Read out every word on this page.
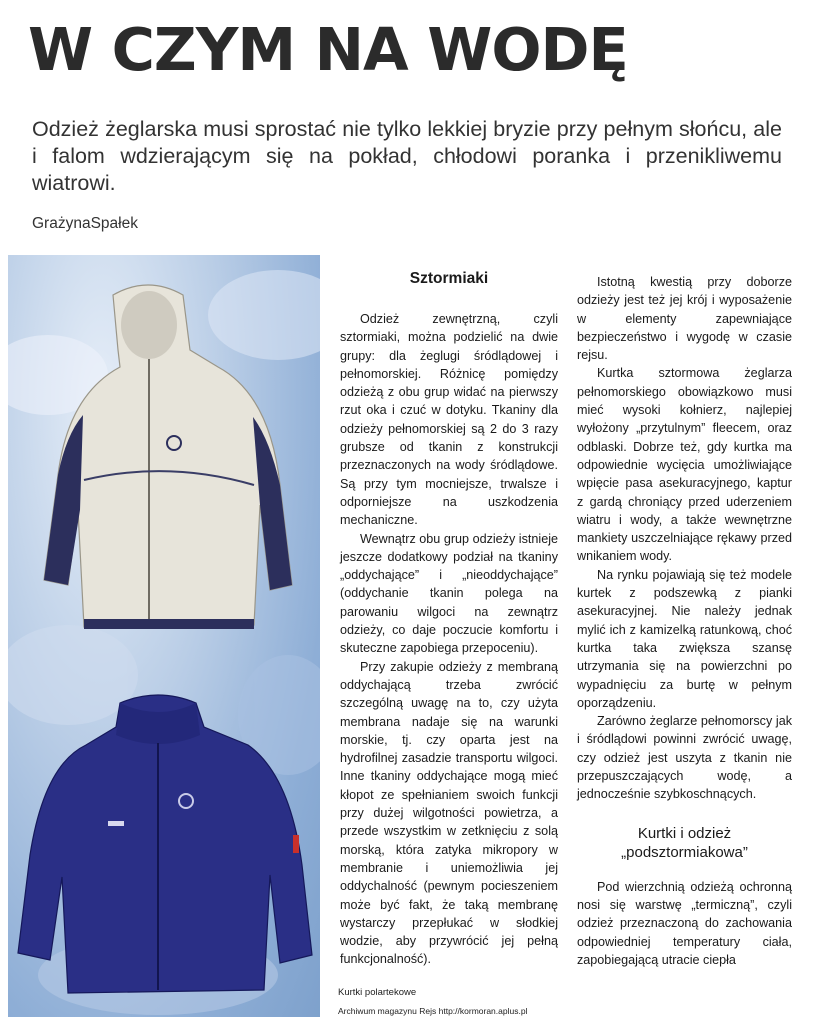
W CZYM NA WODĘ

Odzież żeglarska musi sprostać nie tylko lekkiej bryzie przy pełnym słońcu, ale i falom wdzierającym się na pokład, chłodowi poranka i przenikliwemu wiatrowi.

GrażynaSpałek

Sztormiaki

Odzież zewnętrzną, czyli sztormiaki, można podzielić na dwie grupy: dla żeglugi śródlądowej i pełnomorskiej. Różnicę pomiędzy odzieżą z obu grup widać na pierwszy rzut oka i czuć w dotyku. Tkaniny dla odzieży pełnomorskiej są 2 do 3 razy grubsze od tkanin z konstrukcji przeznaczonych na wody śródlądowe. Są przy tym mocniejsze, trwalsze i odporniejsze na uszkodzenia mechaniczne.

Wewnątrz obu grup odzieży istnieje jeszcze dodatkowy podział na tkaniny „oddychające” i „nieoddychające” (oddychanie tkanin polega na parowaniu wilgoci na zewnątrz odzieży, co daje poczucie komfortu i skuteczne zapobiega przepoceniu).

Przy zakupie odzieży z membraną oddychającą trzeba zwrócić szczególną uwagę na to, czy użyta membrana nadaje się na warunki morskie, tj. czy oparta jest na hydrofilnej zasadzie transportu wilgoci. Inne tkaniny oddychające mogą mieć kłopot ze spełnianiem swoich funkcji przy dużej wilgotności powietrza, a przede wszystkim w zetknięciu z solą morską, która zatyka mikropory w membranie i uniemożliwia jej oddychalność (pewnym pocieszeniem może być fakt, że taką membranę wystarczy przepłukać w słodkiej wodzie, aby przywrócić jej pełną funkcjonalność).

Istotną kwestią przy doborze odzieży jest też jej krój i wyposażenie w elementy zapewniające bezpieczeństwo i wygodę w czasie rejsu.

Kurtka sztormowa żeglarza pełnomorskiego obowiązkowo musi mieć wysoki kołnierz, najlepiej wyłożony „przytulnym” fleecem, oraz odblaski. Dobrze też, gdy kurtka ma odpowiednie wycięcia umożliwiające wpięcie pasa asekuracyjnego, kaptur z gardą chroniący przed uderzeniem wiatru i wody, a także wewnętrzne mankiety uszczelniające rękawy przed wnikaniem wody.

Na rynku pojawiają się też modele kurtek z podszewką z pianki asekuracyjnej. Nie należy jednak mylić ich z kamizelką ratunkową, choć kurtka taka zwiększa szansę utrzymania się na powierzchni po wypadnięciu za burtę w pełnym oporządzeniu.

Zarówno żeglarze pełnomorscy jak i śródlądowi powinni zwrócić uwagę, czy odzież jest uszyta z tkanin nie przepuszczających wodę, a jednocześnie szybkoschnących.

Kurtki i odzież
„podsztormiakowa”

Pod wierzchnią odzieżą ochronną nosi się warstwę „termiczną”, czyli odzież przeznaczoną do zachowania odpowiedniej temperatury ciała, zapobiegającą utracie ciepła

Kurtki polartekowe

Archiwum magazynu Rejs http://kormoran.aplus.pl
